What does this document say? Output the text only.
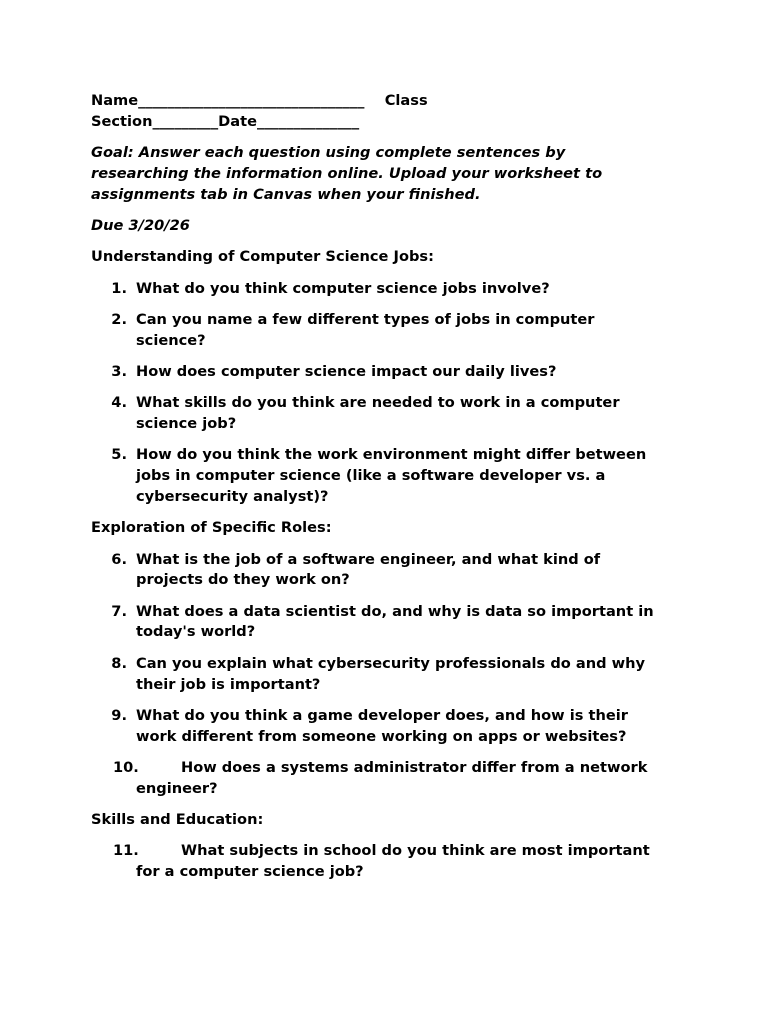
Name_______________________________    Class
Section_________Date______________
Goal: Answer each question using complete sentences by
researching the information online. Upload your worksheet to
assignments tab in Canvas when your finished.
Due 3/20/26
Understanding of Computer Science Jobs:
1. What do you think computer science jobs involve?
2. Can you name a few different types of jobs in computer
science?
3. How does computer science impact our daily lives?
4. What skills do you think are needed to work in a computer
science job?
5. How do you think the work environment might differ between
jobs in computer science (like a software developer vs. a
cybersecurity analyst)?
Exploration of Specific Roles:
6. What is the job of a software engineer, and what kind of
projects do they work on?
7. What does a data scientist do, and why is data so important in
today's world?
8. Can you explain what cybersecurity professionals do and why
their job is important?
9. What do you think a game developer does, and how is their
work different from someone working on apps or websites?
10.	How does a systems administrator differ from a network
engineer?
Skills and Education:
11.	What subjects in school do you think are most important
for a computer science job?
